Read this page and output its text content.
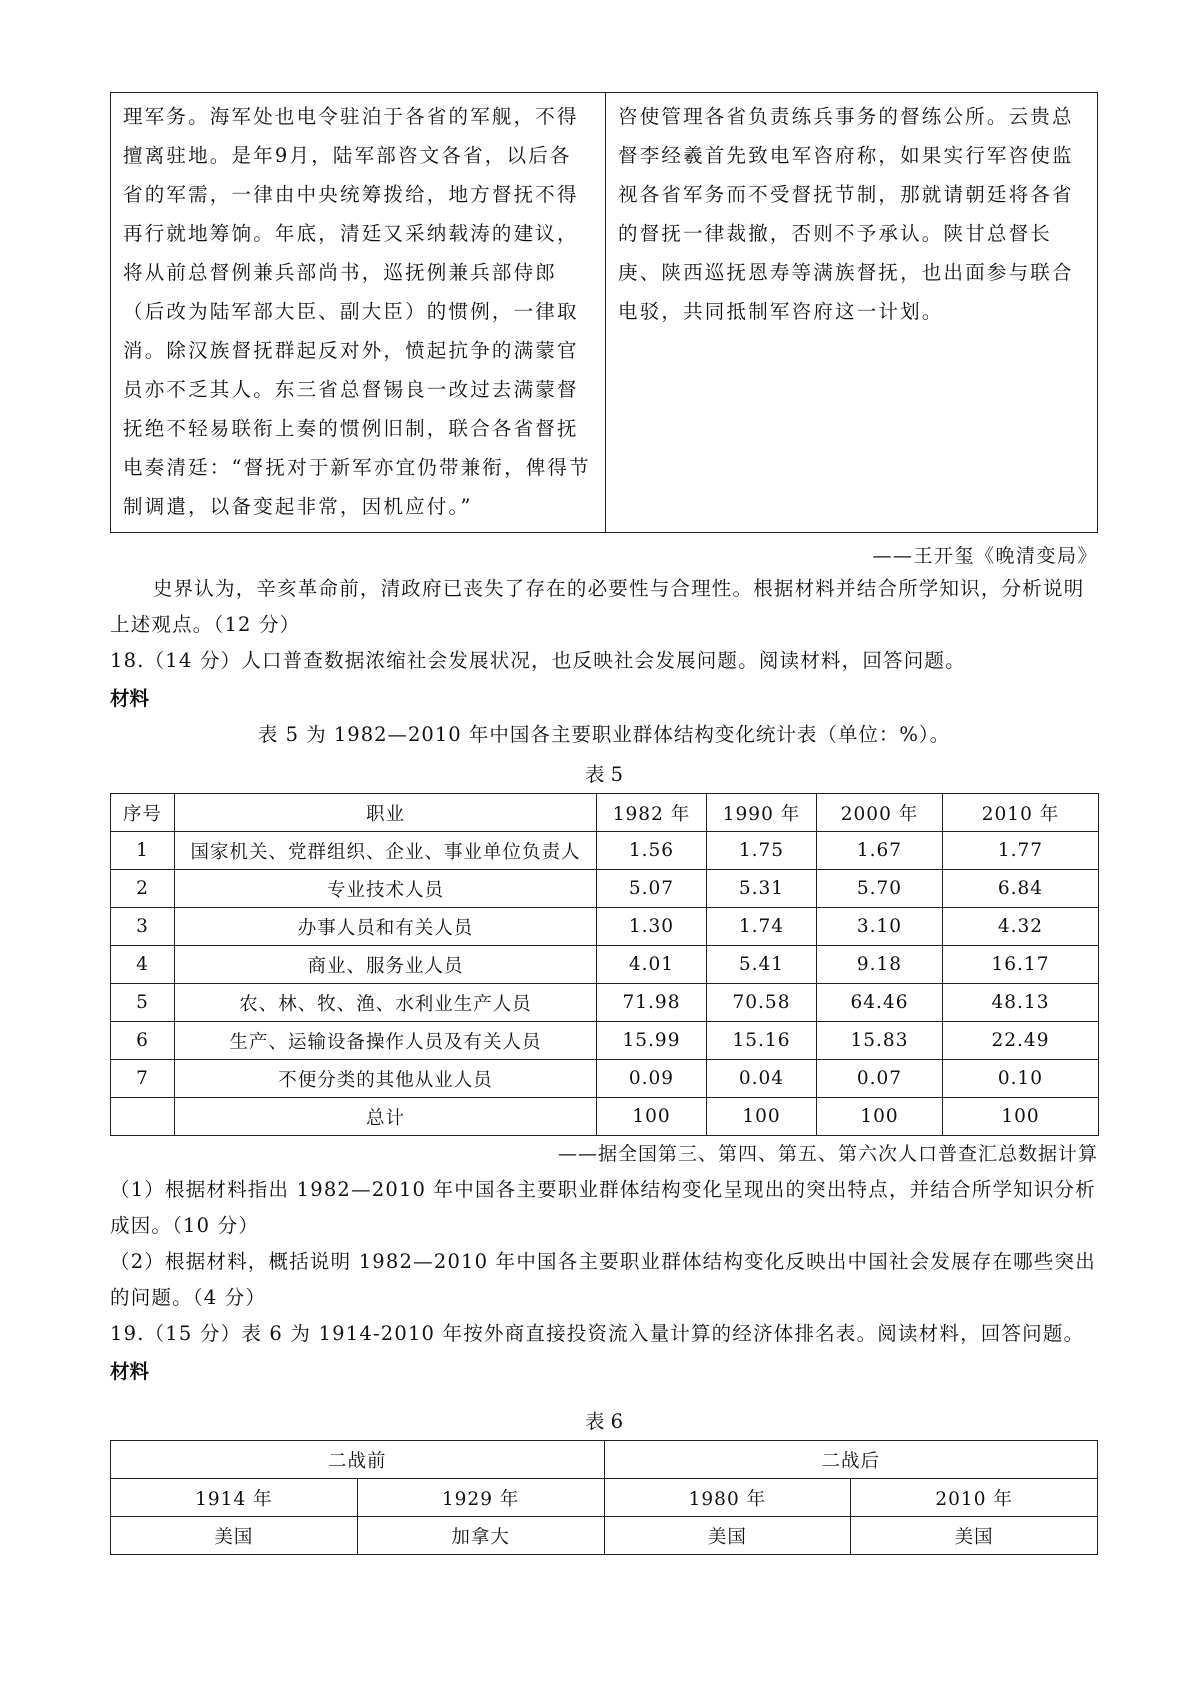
理军务。海军处也电令驻泊于各省的军舰，不得擅离驻地。是年9月，陆军部咨文各省，以后各省的军需，一律由中央统筹拨给，地方督抚不得再行就地筹饷。年底，清廷又采纳载涛的建议，将从前总督例兼兵部尚书，巡抚例兼兵部侍郎（后改为陆军部大臣、副大臣）的惯例，一律取消。除汉族督抚群起反对外，愤起抗争的满蒙官员亦不乏其人。东三省总督锡良一改过去满蒙督抚绝不轻易联衔上奏的惯例旧制，联合各省督抚电奏清廷：“督抚对于新军亦宜仍带兼衔，俾得节制调遣，以备变起非常，因机应付。”	咨使管理各省负责练兵事务的督练公所。云贵总督李经羲首先致电军咨府称，如果实行军咨使监视各省军务而不受督抚节制，那就请朝廷将各省的督抚一律裁撤，否则不予承认。陕甘总督长庚、陕西巡抚恩寿等满族督抚，也出面参与联合电驳，共同抵制军咨府这一计划。
——王开玺《晚清变局》

史界认为，辛亥革命前，清政府已丧失了存在的必要性与合理性。根据材料并结合所学知识，分析说明上述观点。（12 分）

18.（14 分）人口普查数据浓缩社会发展状况，也反映社会发展问题。阅读材料，回答问题。

材料
表 5 为 1982—2010 年中国各主要职业群体结构变化统计表（单位：%）。
表 5
序号	职业	1982 年	1990 年	2000 年	2010 年
1	国家机关、党群组织、企业、事业单位负责人	1.56	1.75	1.67	1.77
2	专业技术人员	5.07	5.31	5.70	6.84
3	办事人员和有关人员	1.30	1.74	3.10	4.32
4	商业、服务业人员	4.01	5.41	9.18	16.17
5	农、林、牧、渔、水利业生产人员	71.98	70.58	64.46	48.13
6	生产、运输设备操作人员及有关人员	15.99	15.16	15.83	22.49
7	不便分类的其他从业人员	0.09	0.04	0.07	0.10
	总计	100	100	100	100
——据全国第三、第四、第五、第六次人口普查汇总数据计算

（1）根据材料指出 1982—2010 年中国各主要职业群体结构变化呈现出的突出特点，并结合所学知识分析成因。（10 分）

（2）根据材料，概括说明 1982—2010 年中国各主要职业群体结构变化反映出中国社会发展存在哪些突出的问题。（4 分）

19.（15 分）表 6 为 1914-2010 年按外商直接投资流入量计算的经济体排名表。阅读材料，回答问题。

材料
表 6
二战前		二战后	
1914 年	1929 年	1980 年	2010 年
美国	加拿大	美国	美国
